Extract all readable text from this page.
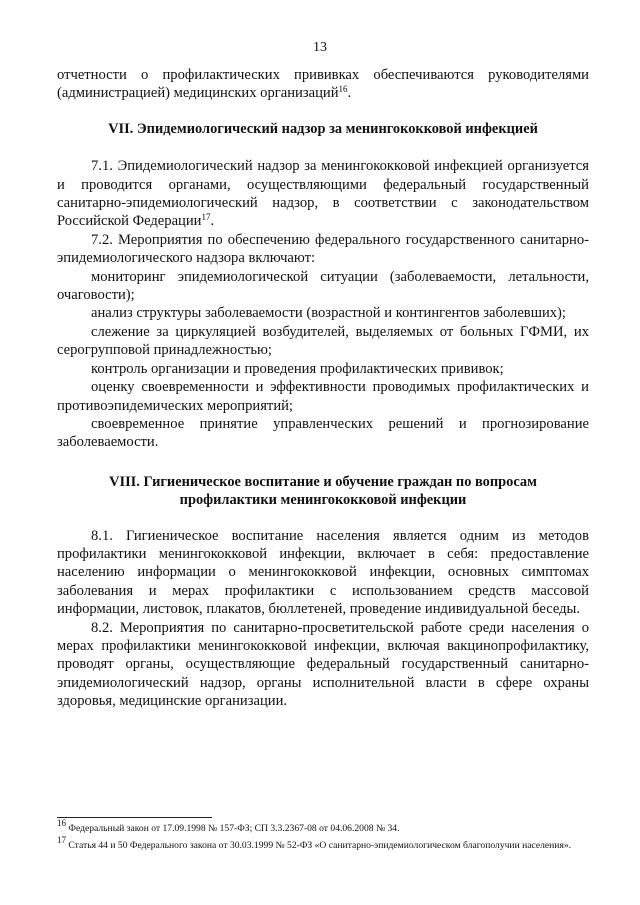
13

отчетности о профилактических прививках обеспечиваются руководителями (администрацией) медицинских организаций$^{16}$.

VII. Эпидемиологический надзор за менингококковой инфекцией

7.1. Эпидемиологический надзор за менингококковой инфекцией организуется и проводится органами, осуществляющими федеральный государственный санитарно-эпидемиологический надзор, в соответствии с законодательством Российской Федерации$^{17}$.

7.2. Мероприятия по обеспечению федерального государственного санитарно-эпидемиологического надзора включают:

мониторинг эпидемиологической ситуации (заболеваемости, летальности, очаговости);

анализ структуры заболеваемости (возрастной и контингентов заболевших);

слежение за циркуляцией возбудителей, выделяемых от больных ГФМИ, их серогрупповой принадлежностью;

контроль организации и проведения профилактических прививок;

оценку своевременности и эффективности проводимых профилактических и противоэпидемических мероприятий;

своевременное принятие управленческих решений и прогнозирование заболеваемости.

VIII. Гигиеническое воспитание и обучение граждан по вопросам
профилактики менингококковой инфекции

8.1. Гигиеническое воспитание населения является одним из методов профилактики менингококковой инфекции, включает в себя: предоставление населению информации о менингококковой инфекции, основных симптомах заболевания и мерах профилактики с использованием средств массовой информации, листовок, плакатов, бюллетеней, проведение индивидуальной беседы.

8.2. Мероприятия по санитарно-просветительской работе среди населения о мерах профилактики менингококковой инфекции, включая вакцинопрофилактику, проводят органы, осуществляющие федеральный государственный санитарно-эпидемиологический надзор, органы исполнительной власти в сфере охраны здоровья, медицинские организации.

$^{16}$ Федеральный закон от 17.09.1998 № 157-ФЗ; СП 3.3.2367-08 от 04.06.2008 № 34.

$^{17}$ Статья 44 и 50 Федерального закона от 30.03.1999 № 52-ФЗ «О санитарно-эпидемиологическом благополучии населения».
